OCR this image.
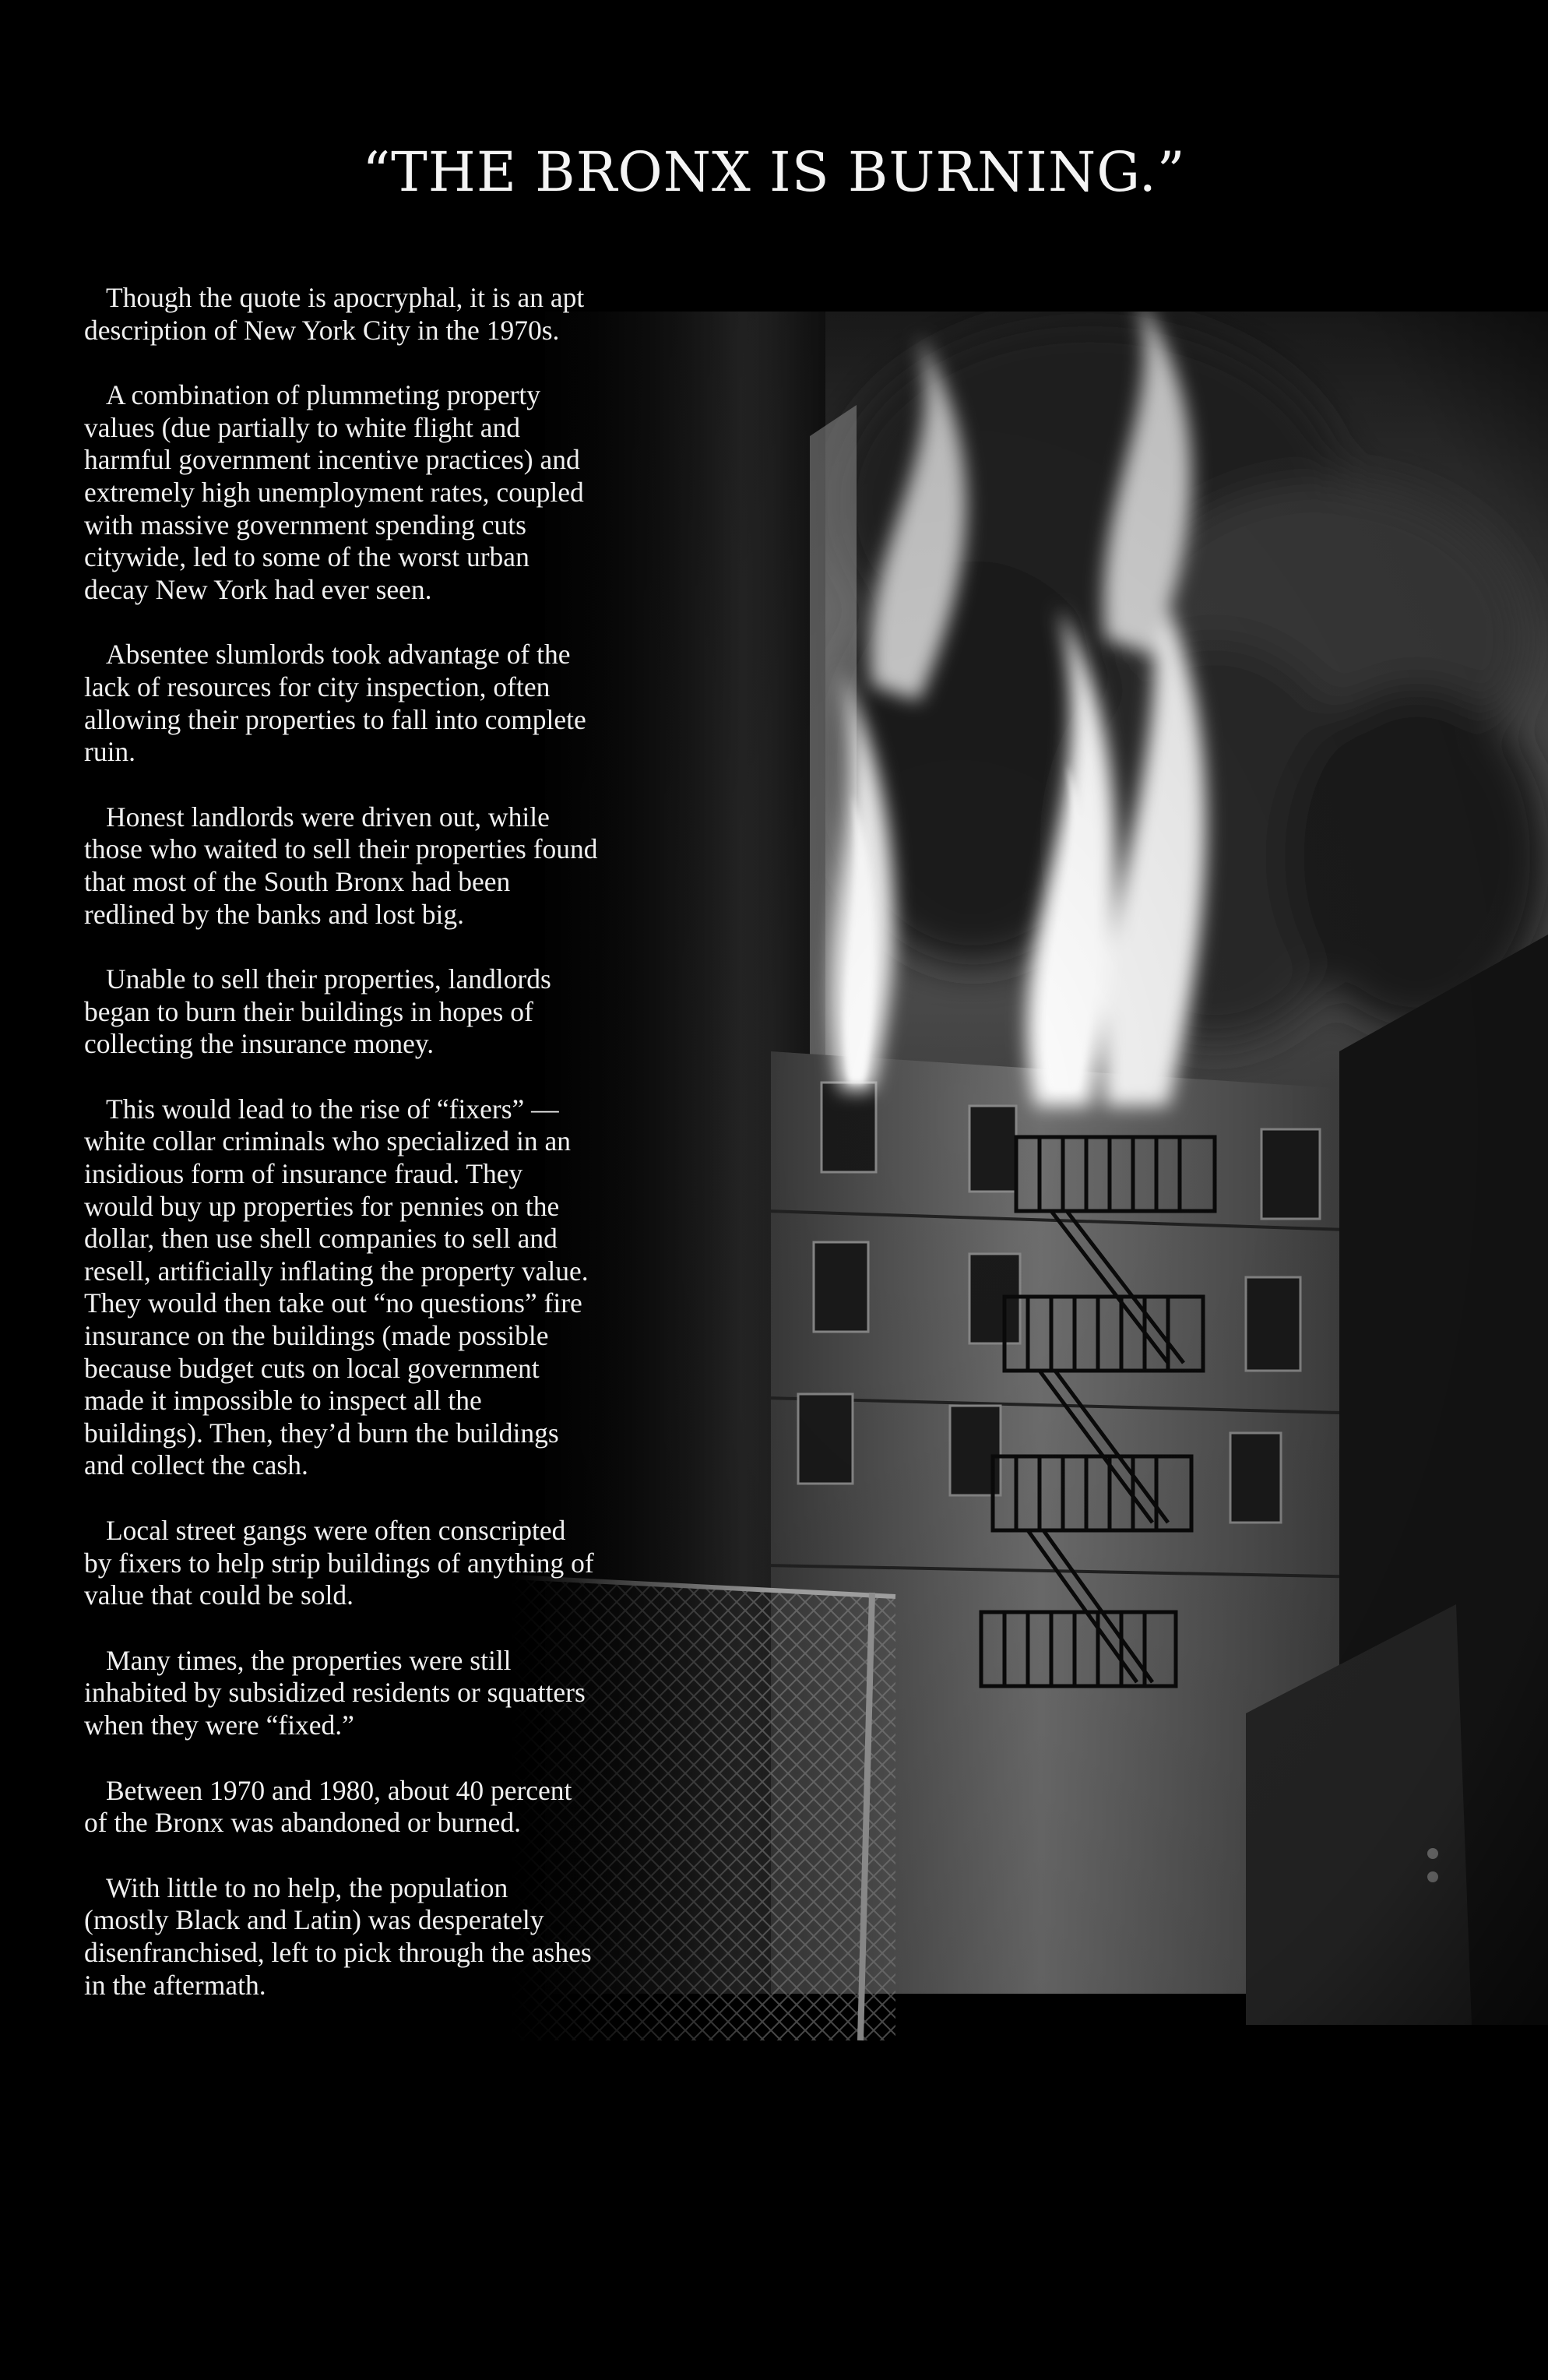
“THE BRONX IS BURNING.”

Though the quote is apocryphal, it is an apt description of New York City in the 1970s.

A combination of plummeting property values (due partially to white flight and harmful government incentive practices) and extremely high unemployment rates, coupled with massive government spending cuts citywide, led to some of the worst urban decay New York had ever seen.

Absentee slumlords took advantage of the lack of resources for city inspection, often allowing their properties to fall into complete ruin.

Honest landlords were driven out, while those who waited to sell their properties found that most of the South Bronx had been redlined by the banks and lost big.

Unable to sell their properties, landlords began to burn their buildings in hopes of collecting the insurance money.

This would lead to the rise of “fixers” — white collar criminals who specialized in an insidious form of insurance fraud. They would buy up properties for pennies on the dollar, then use shell companies to sell and resell, artificially inflating the property value. They would then take out “no questions” fire insurance on the buildings (made possible because budget cuts on local government made it impossible to inspect all the buildings). Then, they’d burn the buildings and collect the cash.

Local street gangs were often conscripted by fixers to help strip buildings of anything of value that could be sold.

Many times, the properties were still inhabited by subsidized residents or squatters when they were “fixed.”

Between 1970 and 1980, about 40 percent of the Bronx was abandoned or burned.

With little to no help, the population (mostly Black and Latin) was desperately disenfranchised, left to pick through the ashes in the aftermath.
